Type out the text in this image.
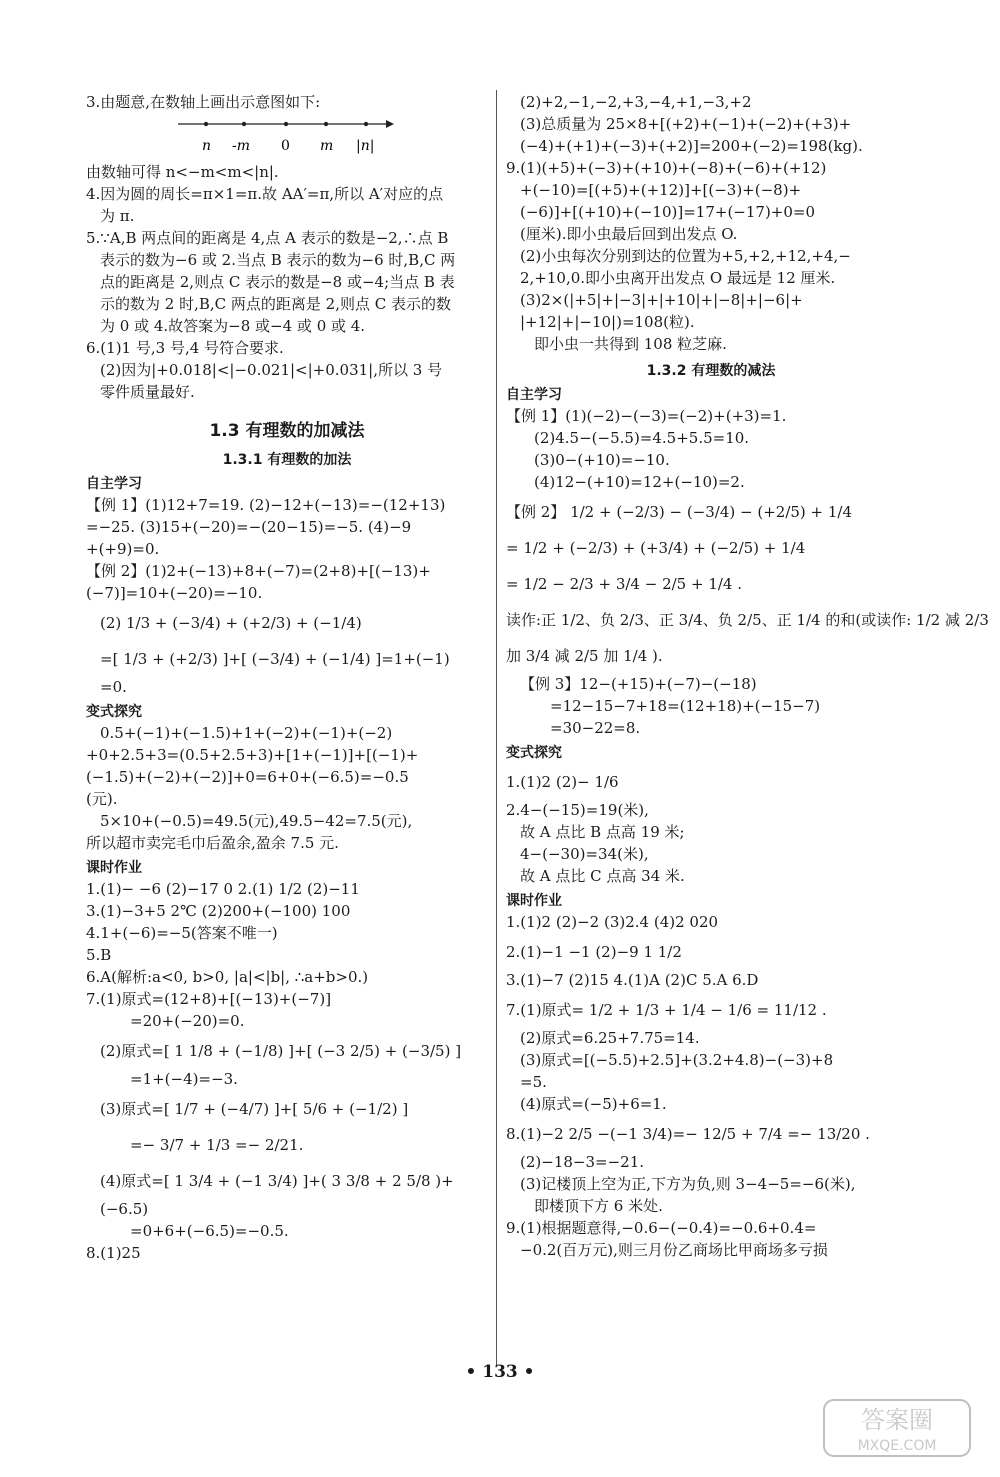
3.由题意,在数轴上画出示意图如下:

n -m 0 m |n|

由数轴可得 n<−m<m<|n|.

4.因为圆的周长=π×1=π.故 AA′=π,所以 A′对应的点

为 π.

5.∵A,B 两点间的距离是 4,点 A 表示的数是−2,∴点 B

表示的数为−6 或 2.当点 B 表示的数为−6 时,B,C 两

点的距离是 2,则点 C 表示的数是−8 或−4;当点 B 表

示的数为 2 时,B,C 两点的距离是 2,则点 C 表示的数

为 0 或 4.故答案为−8 或−4 或 0 或 4.

6.(1)1 号,3 号,4 号符合要求.

(2)因为|+0.018|<|−0.021|<|+0.031|,所以 3 号

零件质量最好.

1.3 有理数的加减法
1.3.1 有理数的加法
自主学习

【例 1】(1)12+7=19. (2)−12+(−13)=−(12+13)

=−25. (3)15+(−20)=−(20−15)=−5. (4)−9

+(+9)=0.

【例 2】(1)2+(−13)+8+(−7)=(2+8)+[(−13)+

(−7)]=10+(−20)=−10.

(2) 1/3 + (−3/4) + (+2/3) + (−1/4)

=[ 1/3 + (+2/3) ]+[ (−3/4) + (−1/4) ]=1+(−1)

=0.

变式探究

0.5+(−1)+(−1.5)+1+(−2)+(−1)+(−2)

+0+2.5+3=(0.5+2.5+3)+[1+(−1)]+[(−1)+

(−1.5)+(−2)+(−2)]+0=6+0+(−6.5)=−0.5

(元).

5×10+(−0.5)=49.5(元),49.5−42=7.5(元),

所以超市卖完毛巾后盈余,盈余 7.5 元.

课时作业

1.(1)− −6 (2)−17 0 2.(1) 1/2 (2)−11

3.(1)−3+5 2℃ (2)200+(−100) 100

4.1+(−6)=−5(答案不唯一)

5.B

6.A(解析:a<0, b>0, |a|<|b|, ∴a+b>0.)

7.(1)原式=(12+8)+[(−13)+(−7)]

=20+(−20)=0.

(2)原式=[ 1 1/8 + (−1/8) ]+[ (−3 2/5) + (−3/5) ]

=1+(−4)=−3.

(3)原式=[ 1/7 + (−4/7) ]+[ 5/6 + (−1/2) ]

=− 3/7 + 1/3 =− 2/21.

(4)原式=[ 1 3/4 + (−1 3/4) ]+( 3 3/8 + 2 5/8 )+

(−6.5)

=0+6+(−6.5)=−0.5.

8.(1)25

(2)+2,−1,−2,+3,−4,+1,−3,+2

(3)总质量为 25×8+[(+2)+(−1)+(−2)+(+3)+

(−4)+(+1)+(−3)+(+2)]=200+(−2)=198(kg).

9.(1)(+5)+(−3)+(+10)+(−8)+(−6)+(+12)

+(−10)=[(+5)+(+12)]+[(−3)+(−8)+

(−6)]+[(+10)+(−10)]=17+(−17)+0=0

(厘米).即小虫最后回到出发点 O.

(2)小虫每次分别到达的位置为+5,+2,+12,+4,−

2,+10,0.即小虫离开出发点 O 最远是 12 厘米.

(3)2×(|+5|+|−3|+|+10|+|−8|+|−6|+

|+12|+|−10|)=108(粒).

即小虫一共得到 108 粒芝麻.

1.3.2 有理数的减法
自主学习

【例 1】(1)(−2)−(−3)=(−2)+(+3)=1.

(2)4.5−(−5.5)=4.5+5.5=10.

(3)0−(+10)=−10.

(4)12−(+10)=12+(−10)=2.

【例 2】 1/2 + (−2/3) − (−3/4) − (+2/5) + 1/4

= 1/2 + (−2/3) + (+3/4) + (−2/5) + 1/4

= 1/2 − 2/3 + 3/4 − 2/5 + 1/4 .

读作:正 1/2、负 2/3、正 3/4、负 2/5、正 1/4 的和(或读作: 1/2 减 2/3

加 3/4 减 2/5 加 1/4 ).

【例 3】12−(+15)+(−7)−(−18)

=12−15−7+18=(12+18)+(−15−7)

=30−22=8.

变式探究

1.(1)2 (2)− 1/6

2.4−(−15)=19(米),

故 A 点比 B 点高 19 米;

4−(−30)=34(米),

故 A 点比 C 点高 34 米.

课时作业

1.(1)2 (2)−2 (3)2.4 (4)2 020

2.(1)−1 −1 (2)−9 1 1/2

3.(1)−7 (2)15 4.(1)A (2)C 5.A 6.D

7.(1)原式= 1/2 + 1/3 + 1/4 − 1/6 = 11/12 .

(2)原式=6.25+7.75=14.

(3)原式=[(−5.5)+2.5]+(3.2+4.8)−(−3)+8

=5.

(4)原式=(−5)+6=1.

8.(1)−2 2/5 −(−1 3/4)=− 12/5 + 7/4 =− 13/20 .

(2)−18−3=−21.

(3)记楼顶上空为正,下方为负,则 3−4−5=−6(米),

即楼顶下方 6 米处.

9.(1)根据题意得,−0.6−(−0.4)=−0.6+0.4=

−0.2(百万元),则三月份乙商场比甲商场多亏损

• 133 •
答案圈
MXQE.COM
